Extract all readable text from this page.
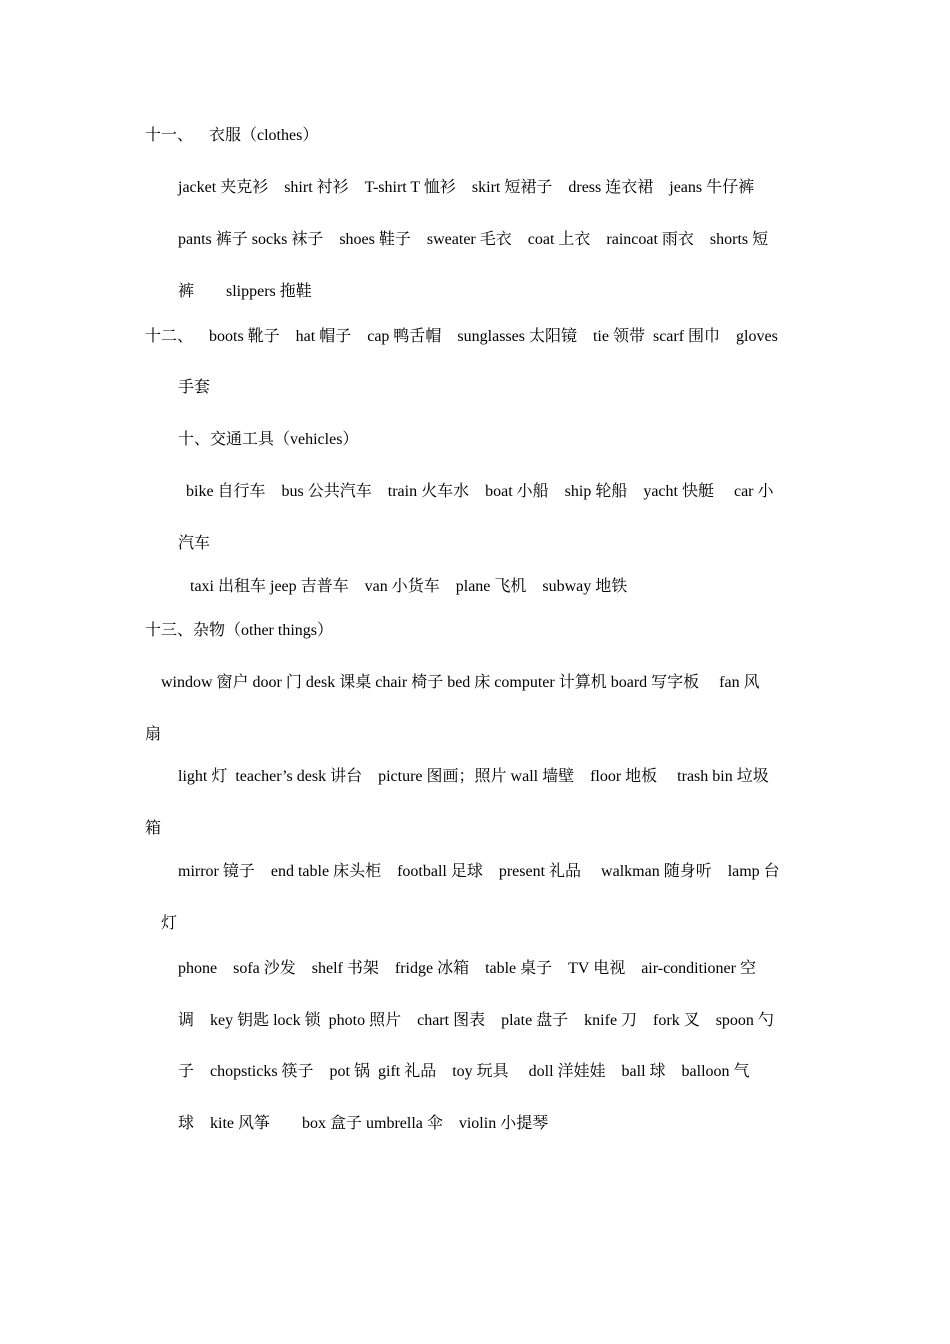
十一、    衣服（clothes）
jacket 夹克衫    shirt 衬衫    T-shirt T 恤衫    skirt 短裙子    dress 连衣裙    jeans 牛仔裤
pants 裤子 socks 袜子    shoes 鞋子    sweater 毛衣    coat 上衣    raincoat 雨衣    shorts 短
裤        slippers 拖鞋
十二、    boots 靴子    hat 帽子    cap 鸭舌帽    sunglasses 太阳镜    tie 领带  scarf 围巾    gloves
手套
十、交通工具（vehicles）
bike 自行车    bus 公共汽车    train 火车水    boat 小船    ship 轮船    yacht 快艇     car 小
汽车
taxi 出租车 jeep 吉普车    van 小货车    plane 飞机    subway 地铁
十三、杂物（other things）
window 窗户 door 门 desk 课桌 chair 椅子 bed 床 computer 计算机 board 写字板     fan 风
扇
light 灯  teacher’s desk 讲台    picture 图画；照片 wall 墙壁    floor 地板     trash bin 垃圾
箱
mirror 镜子    end table 床头柜    football 足球    present 礼品     walkman 随身听    lamp 台
灯
phone    sofa 沙发    shelf 书架    fridge 冰箱    table 桌子    TV 电视    air-conditioner 空
调    key 钥匙 lock 锁  photo 照片    chart 图表    plate 盘子    knife 刀    fork 叉    spoon 勺
子    chopsticks 筷子    pot 锅  gift 礼品    toy 玩具     doll 洋娃娃    ball 球    balloon 气
球    kite 风筝        box 盒子 umbrella 伞    violin 小提琴
